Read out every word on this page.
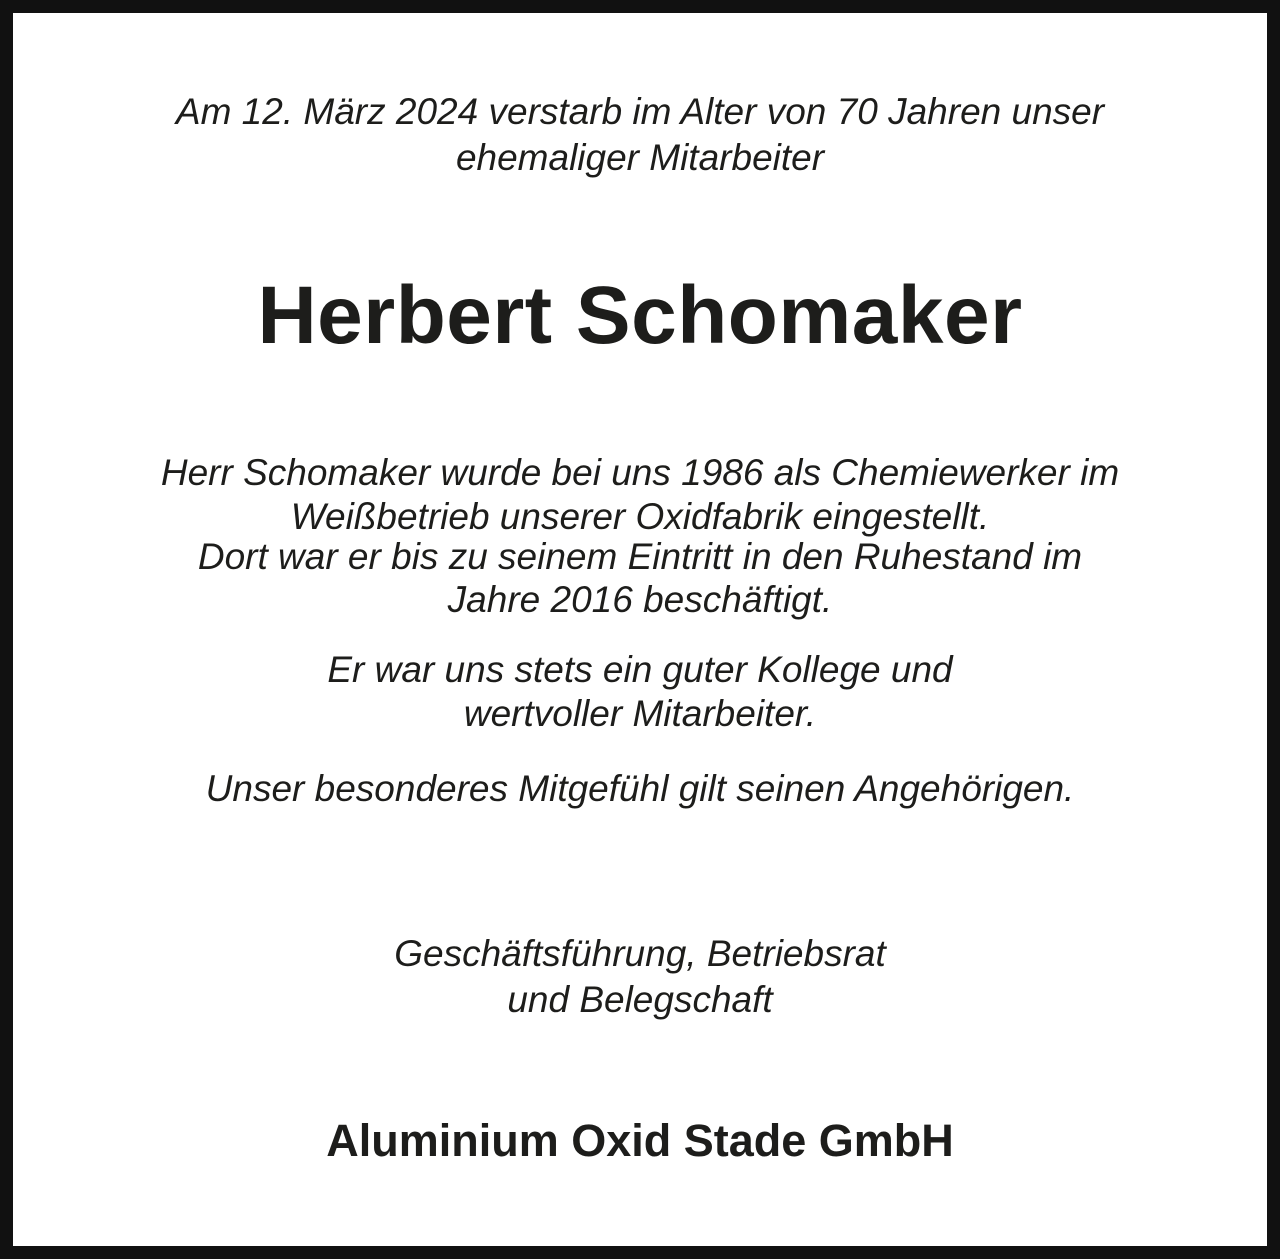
Am 12. März 2024 verstarb im Alter von 70 Jahren unser

ehemaliger Mitarbeiter

Herbert Schomaker

Herr Schomaker wurde bei uns 1986 als Chemiewerker im

Weißbetrieb unserer Oxidfabrik eingestellt.

Dort war er bis zu seinem Eintritt in den Ruhestand im

Jahre 2016 beschäftigt.

Er war uns stets ein guter Kollege und

wertvoller Mitarbeiter.

Unser besonderes Mitgefühl gilt seinen Angehörigen.

Geschäftsführung, Betriebsrat

und Belegschaft

Aluminium Oxid Stade GmbH
